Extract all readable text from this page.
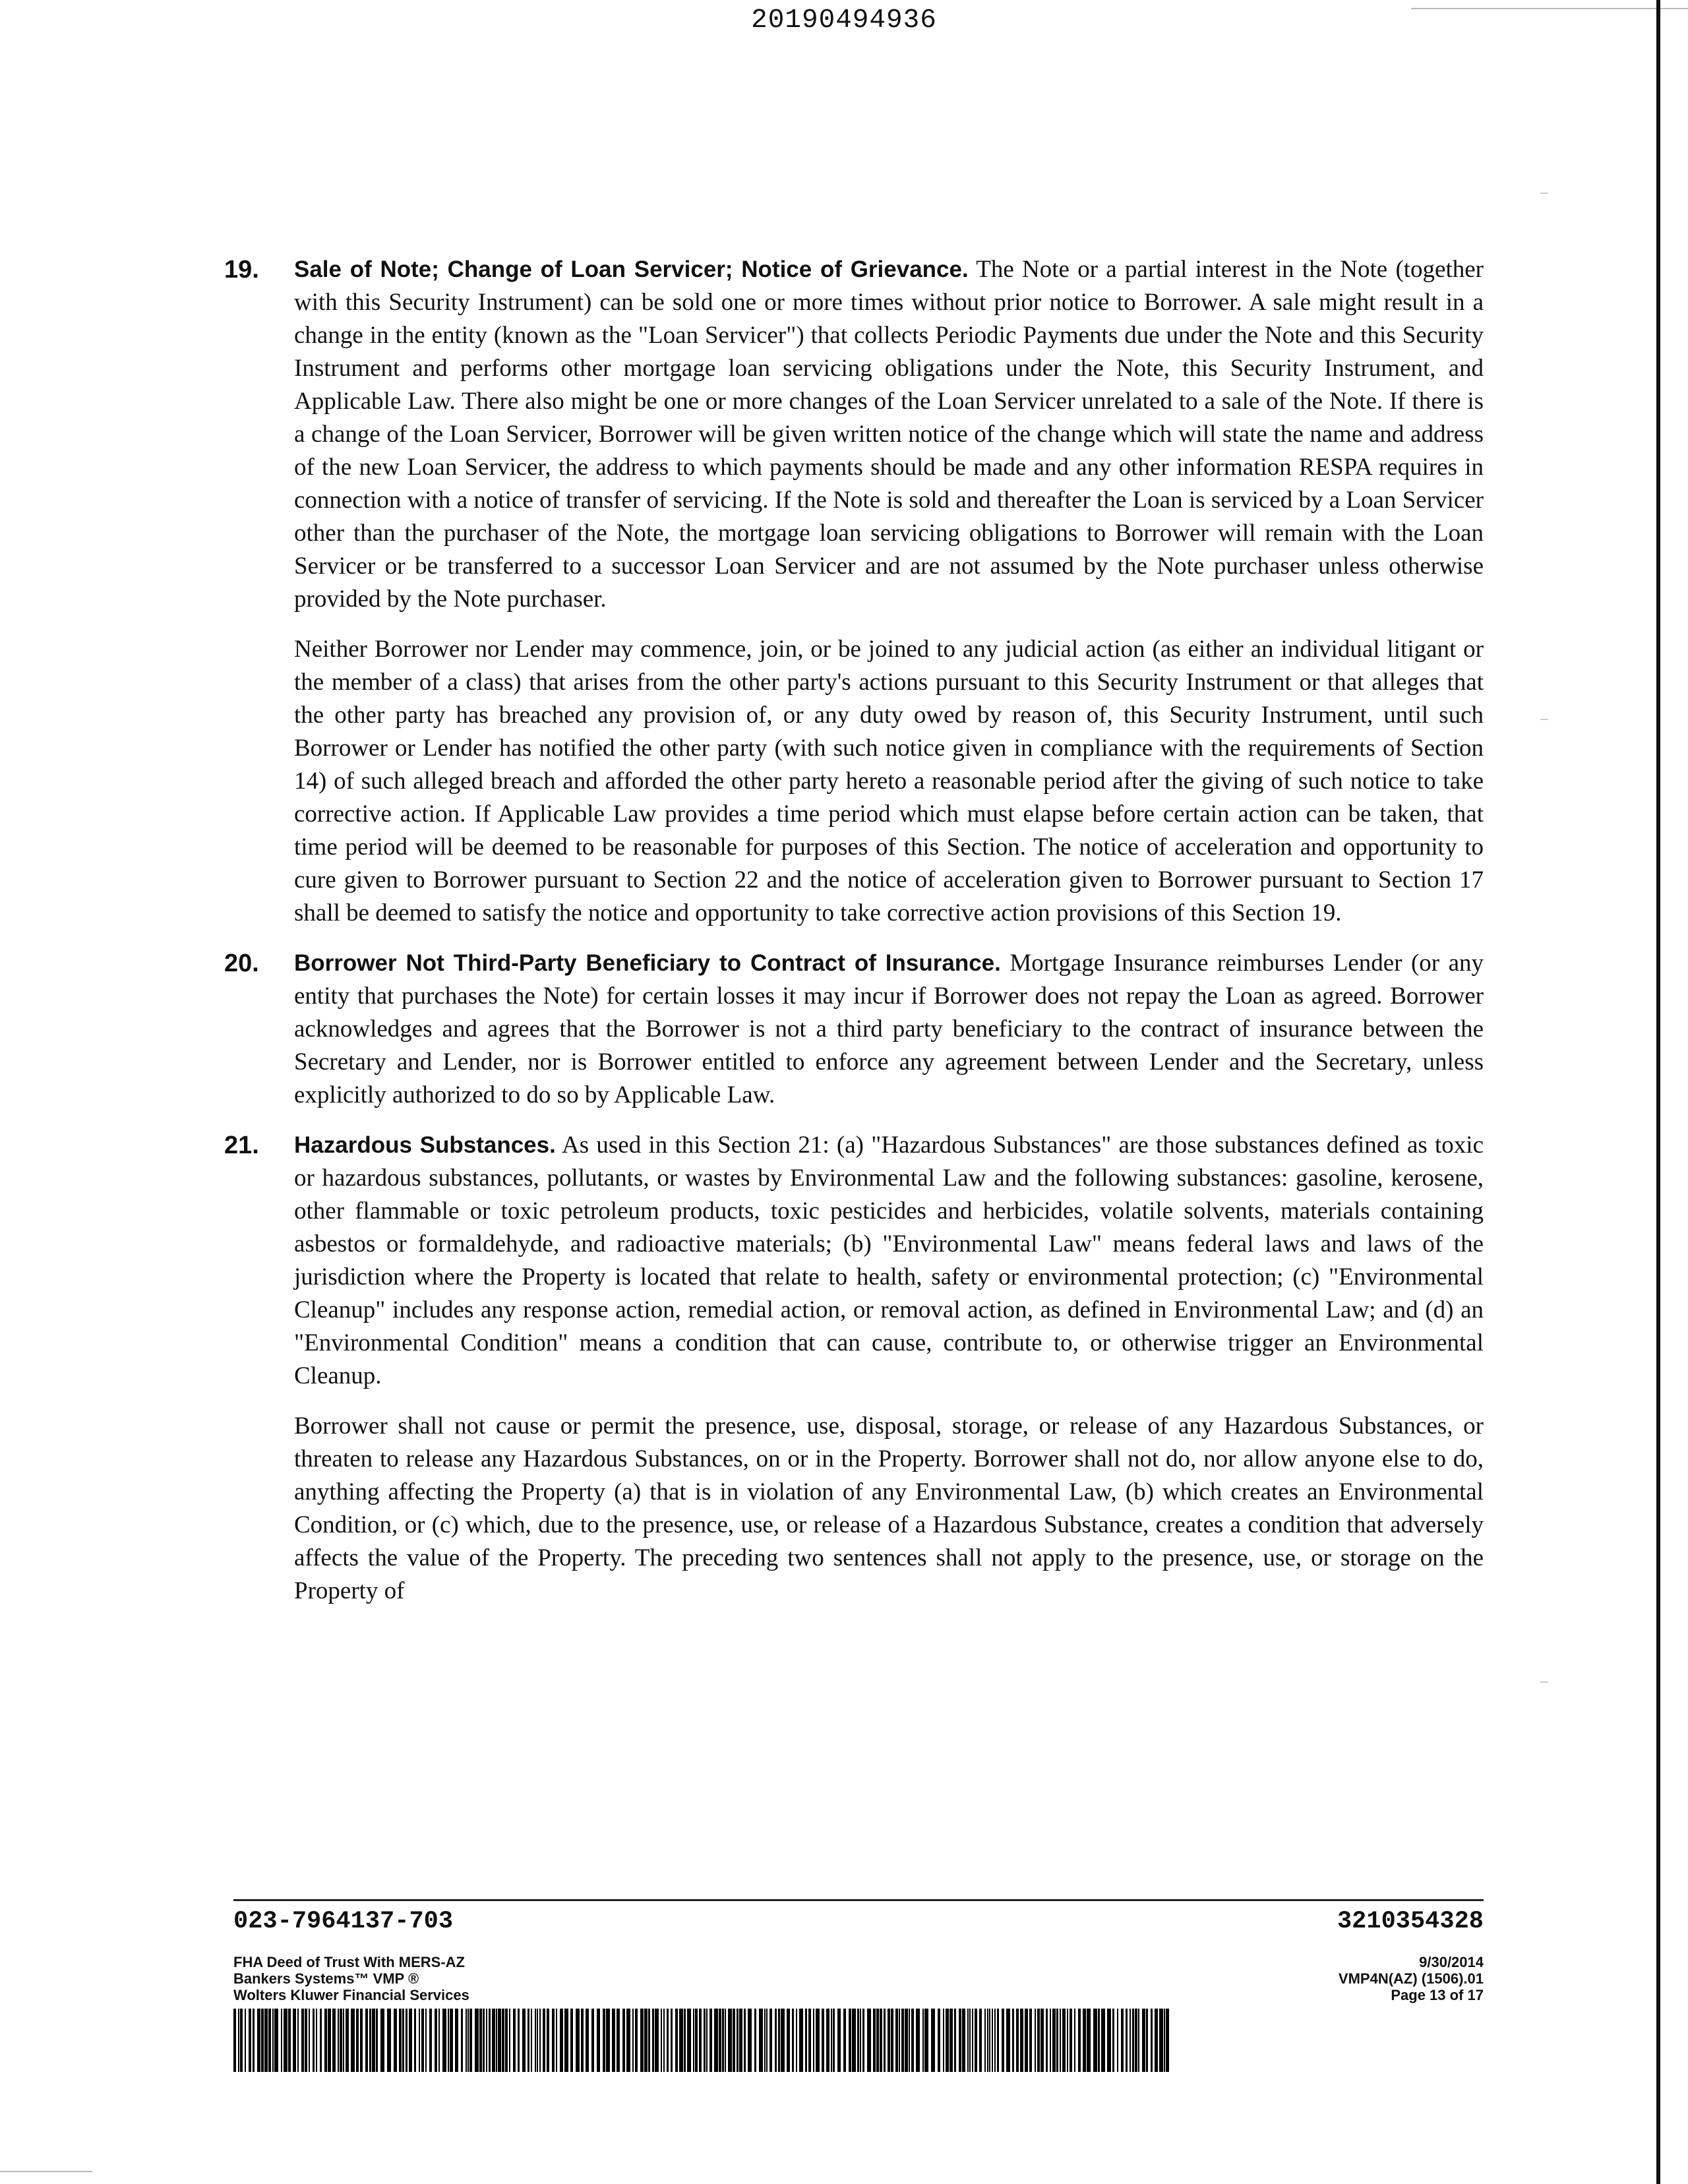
20190494936
19. Sale of Note; Change of Loan Servicer; Notice of Grievance. The Note or a partial interest in the Note (together with this Security Instrument) can be sold one or more times without prior notice to Borrower. A sale might result in a change in the entity (known as the "Loan Servicer") that collects Periodic Payments due under the Note and this Security Instrument and performs other mortgage loan servicing obligations under the Note, this Security Instrument, and Applicable Law. There also might be one or more changes of the Loan Servicer unrelated to a sale of the Note. If there is a change of the Loan Servicer, Borrower will be given written notice of the change which will state the name and address of the new Loan Servicer, the address to which payments should be made and any other information RESPA requires in connection with a notice of transfer of servicing. If the Note is sold and thereafter the Loan is serviced by a Loan Servicer other than the purchaser of the Note, the mortgage loan servicing obligations to Borrower will remain with the Loan Servicer or be transferred to a successor Loan Servicer and are not assumed by the Note purchaser unless otherwise provided by the Note purchaser.

Neither Borrower nor Lender may commence, join, or be joined to any judicial action (as either an individual litigant or the member of a class) that arises from the other party's actions pursuant to this Security Instrument or that alleges that the other party has breached any provision of, or any duty owed by reason of, this Security Instrument, until such Borrower or Lender has notified the other party (with such notice given in compliance with the requirements of Section 14) of such alleged breach and afforded the other party hereto a reasonable period after the giving of such notice to take corrective action. If Applicable Law provides a time period which must elapse before certain action can be taken, that time period will be deemed to be reasonable for purposes of this Section. The notice of acceleration and opportunity to cure given to Borrower pursuant to Section 22 and the notice of acceleration given to Borrower pursuant to Section 17 shall be deemed to satisfy the notice and opportunity to take corrective action provisions of this Section 19.

20. Borrower Not Third-Party Beneficiary to Contract of Insurance. Mortgage Insurance reimburses Lender (or any entity that purchases the Note) for certain losses it may incur if Borrower does not repay the Loan as agreed. Borrower acknowledges and agrees that the Borrower is not a third party beneficiary to the contract of insurance between the Secretary and Lender, nor is Borrower entitled to enforce any agreement between Lender and the Secretary, unless explicitly authorized to do so by Applicable Law.

21. Hazardous Substances. As used in this Section 21: (a) "Hazardous Substances" are those substances defined as toxic or hazardous substances, pollutants, or wastes by Environmental Law and the following substances: gasoline, kerosene, other flammable or toxic petroleum products, toxic pesticides and herbicides, volatile solvents, materials containing asbestos or formaldehyde, and radioactive materials; (b) "Environmental Law" means federal laws and laws of the jurisdiction where the Property is located that relate to health, safety or environmental protection; (c) "Environmental Cleanup" includes any response action, remedial action, or removal action, as defined in Environmental Law; and (d) an "Environmental Condition" means a condition that can cause, contribute to, or otherwise trigger an Environmental Cleanup.

Borrower shall not cause or permit the presence, use, disposal, storage, or release of any Hazardous Substances, or threaten to release any Hazardous Substances, on or in the Property. Borrower shall not do, nor allow anyone else to do, anything affecting the Property (a) that is in violation of any Environmental Law, (b) which creates an Environmental Condition, or (c) which, due to the presence, use, or release of a Hazardous Substance, creates a condition that adversely affects the value of the Property. The preceding two sentences shall not apply to the presence, use, or storage on the Property of

023-7964137-703	3210354328
FHA Deed of Trust With MERS-AZ
Bankers Systems™ VMP ®
Wolters Kluwer Financial Services
9/30/2014
VMP4N(AZ) (1506).01
Page 13 of 17
